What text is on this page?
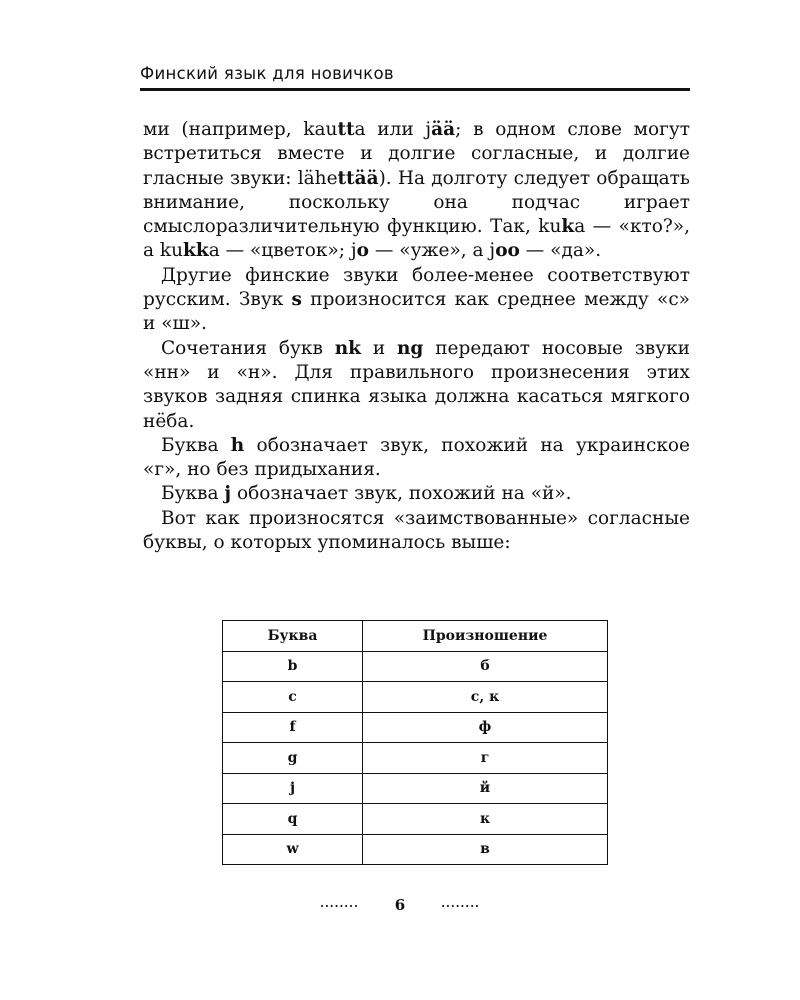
Финский язык для новичков

ми (например, kautta или jää; в одном слове могут встретиться вместе и долгие согласные, и долгие гласные звуки: lähettää). На долготу следует обращать внимание, поскольку она подчас играет смыслоразличительную функцию. Так, kuka — «кто?», а kukka — «цветок»; jo — «уже», а joo — «да».

Другие финские звуки более-менее соответствуют русским. Звук s произносится как среднее между «с» и «ш».

Сочетания букв nk и ng передают носовые звуки «нн» и «н». Для правильного произнесения этих звуков задняя спинка языка должна касаться мягкого нёба.

Буква h обозначает звук, похожий на украинское «г», но без придыхания.

Буква j обозначает звук, похожий на «й».

Вот как произносятся «заимствованные» согласные буквы, о которых упоминалось выше:

Буква	Произношение
b	б
c	с, к
f	ф
g	г
j	й
q	к
w	в
........ 6	........
